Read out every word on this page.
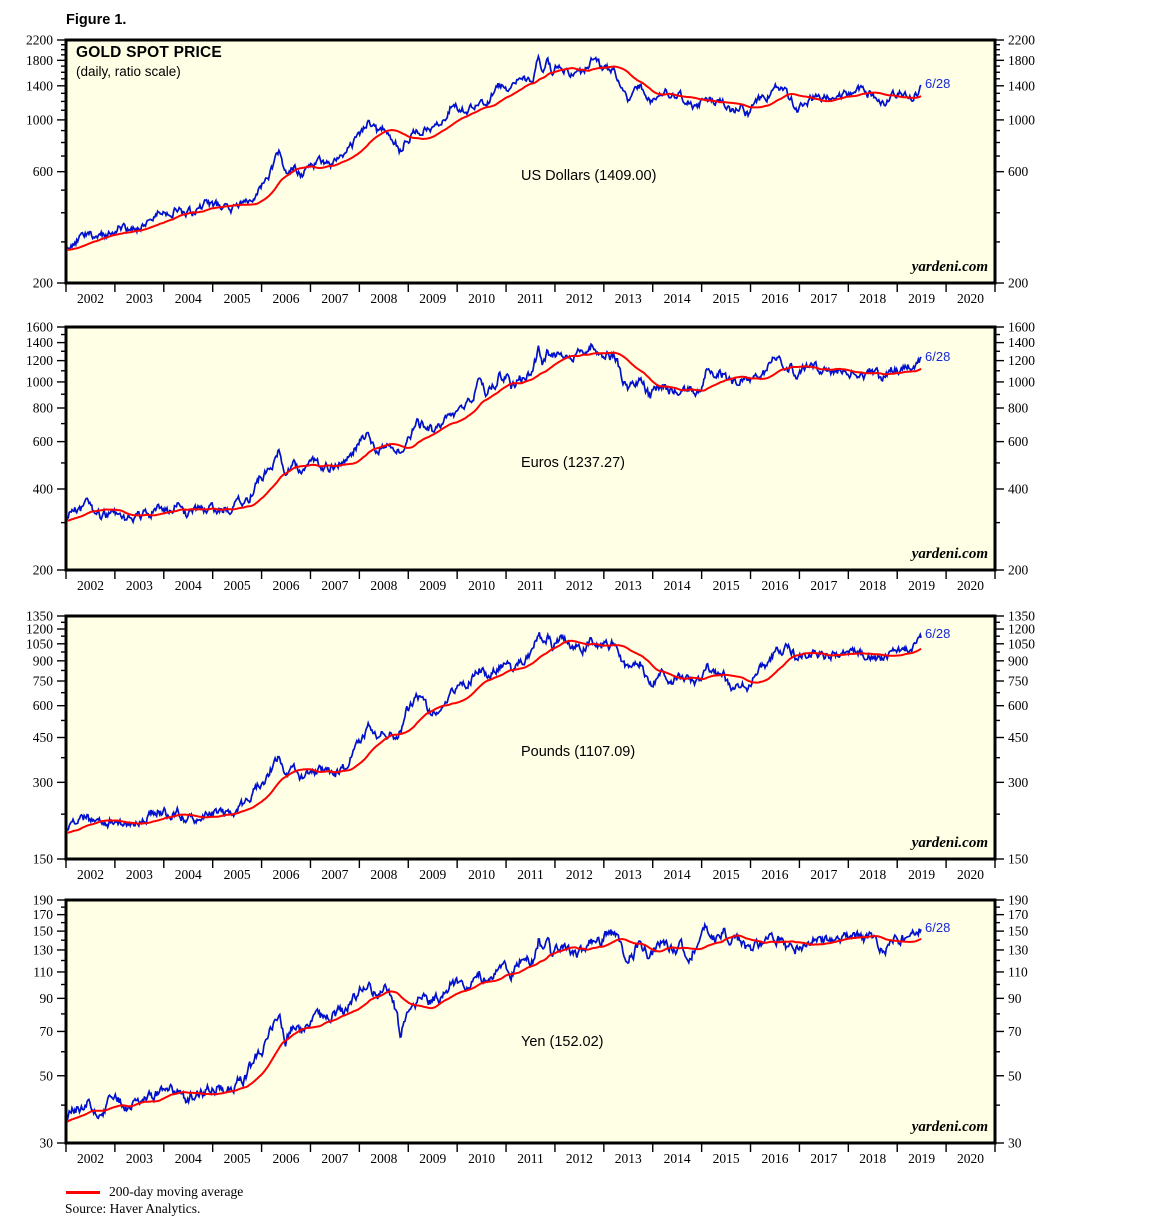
2200	2200
1800	1800
1400	1400
1000	1000
600	600
200	200
2002 2003 2004 2005 2006 2007 2008 2009 2010 2011 2012 2013 2014 2015 2016 2017 2018 2019 2020
1600	1600
1400	1400
1200	1200
1000	1000
800	800
600	600
400	400
200	200
2002 2003 2004 2005 2006 2007 2008 2009 2010 2011 2012 2013 2014 2015 2016 2017 2018 2019 2020
1350	1350
1200	1200
1050	1050
900	900
750	750
600	600
450	450
300	300
150	150
2002 2003 2004 2005 2006 2007 2008 2009 2010 2011 2012 2013 2014 2015 2016 2017 2018 2019 2020
190	190
170	170
150	150
130	130
110	110
90	90
70	70
50	50
30	30
2002 2003 2004 2005 2006 2007 2008 2009 2010 2011 2012 2013 2014 2015 2016 2017 2018 2019 2020
Figure 1.
GOLD SPOT PRICE
(daily, ratio scale)
US Dollars (1409.00)
Euros (1237.27)
Pounds (1107.09)
Yen (152.02)
6/28
6/28
6/28
6/28
yardeni.com
yardeni.com
yardeni.com
yardeni.com
200-day moving average
Source: Haver Analytics.
